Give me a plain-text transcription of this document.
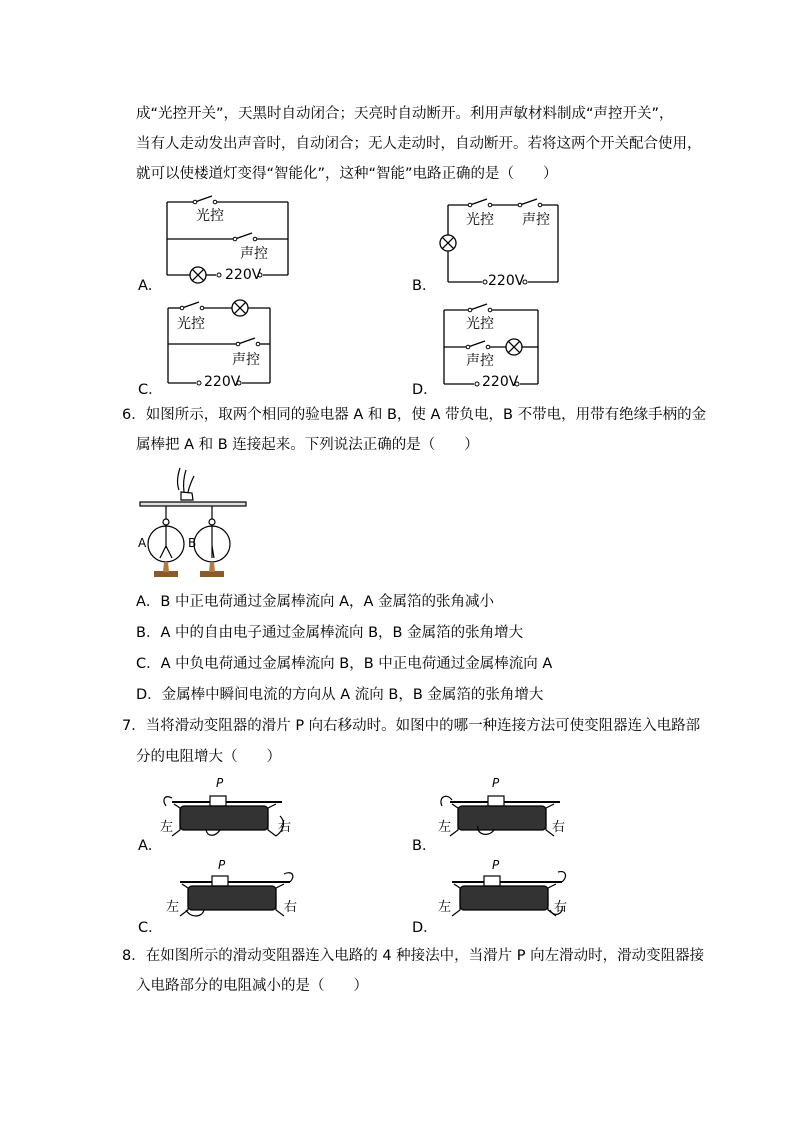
成“光控开关”，天黑时自动闭合；天亮时自动断开。利用声敏材料制成“声控开关”，
当有人走动发出声音时，自动闭合；无人走动时，自动断开。若将这两个开关配合使用，
就可以使楼道灯变得“智能化”，这种“智能”电路正确的是（　　）
A．
光控
声控
220V
B．
光控 声控
220V
C．
光控
声控
220V	D．
光控
声控
220V
6．如图所示，取两个相同的验电器 A 和 B，使 A 带负电，B 不带电，用带有绝缘手柄的金
属棒把 A 和 B 连接起来。下列说法正确的是（　　）
A	B
A．B 中正电荷通过金属棒流向 A，A 金属箔的张角减小
B．A 中的自由电子通过金属棒流向 B，B 金属箔的张角增大
C．A 中负电荷通过金属棒流向 B，B 中正电荷通过金属棒流向 A
D．金属棒中瞬间电流的方向从 A 流向 B，B 金属箔的张角增大
7．当将滑动变阻器的滑片 P 向右移动时。如图中的哪一种连接方法可使变阻器连入电路部
分的电阻增大（　　）
A．
P
左	右
B．
P
左	右
C．
P
左	右
D．
P
左	右
8．在如图所示的滑动变阻器连入电路的 4 种接法中，当滑片 P 向左滑动时，滑动变阻器接
入电路部分的电阻减小的是（　　）
